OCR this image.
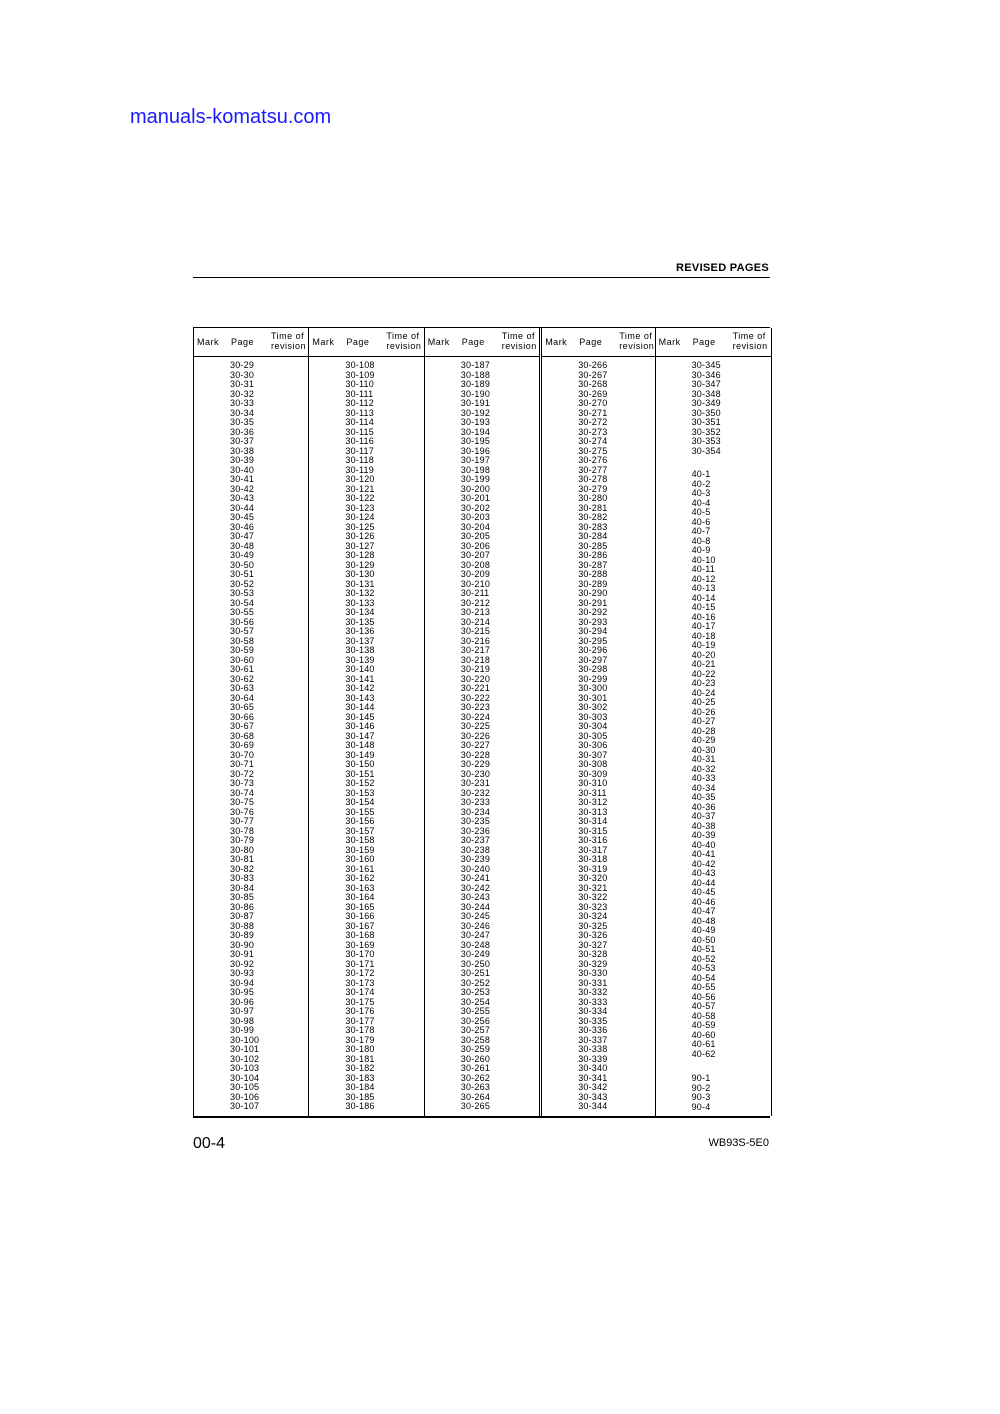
manuals-komatsu.com
REVISED PAGES
Mark Page
Time of
revision
30-29
30-30
30-31
30-32
30-33
30-34
30-35
30-36
30-37
30-38
30-39
30-40
30-41
30-42
30-43
30-44
30-45
30-46
30-47
30-48
30-49
30-50
30-51
30-52
30-53
30-54
30-55
30-56
30-57
30-58
30-59
30-60
30-61
30-62
30-63
30-64
30-65
30-66
30-67
30-68
30-69
30-70
30-71
30-72
30-73
30-74
30-75
30-76
30-77
30-78
30-79
30-80
30-81
30-82
30-83
30-84
30-85
30-86
30-87
30-88
30-89
30-90
30-91
30-92
30-93
30-94
30-95
30-96
30-97
30-98
30-99
30-100
30-101
30-102
30-103
30-104
30-105
30-106
30-107
Mark Page
Time of
revision
30-108
30-109
30-110
30-111
30-112
30-113
30-114
30-115
30-116
30-117
30-118
30-119
30-120
30-121
30-122
30-123
30-124
30-125
30-126
30-127
30-128
30-129
30-130
30-131
30-132
30-133
30-134
30-135
30-136
30-137
30-138
30-139
30-140
30-141
30-142
30-143
30-144
30-145
30-146
30-147
30-148
30-149
30-150
30-151
30-152
30-153
30-154
30-155
30-156
30-157
30-158
30-159
30-160
30-161
30-162
30-163
30-164
30-165
30-166
30-167
30-168
30-169
30-170
30-171
30-172
30-173
30-174
30-175
30-176
30-177
30-178
30-179
30-180
30-181
30-182
30-183
30-184
30-185
30-186
Mark Page
Time of
revision
30-187
30-188
30-189
30-190
30-191
30-192
30-193
30-194
30-195
30-196
30-197
30-198
30-199
30-200
30-201
30-202
30-203
30-204
30-205
30-206
30-207
30-208
30-209
30-210
30-211
30-212
30-213
30-214
30-215
30-216
30-217
30-218
30-219
30-220
30-221
30-222
30-223
30-224
30-225
30-226
30-227
30-228
30-229
30-230
30-231
30-232
30-233
30-234
30-235
30-236
30-237
30-238
30-239
30-240
30-241
30-242
30-243
30-244
30-245
30-246
30-247
30-248
30-249
30-250
30-251
30-252
30-253
30-254
30-255
30-256
30-257
30-258
30-259
30-260
30-261
30-262
30-263
30-264
30-265
Mark Page
Time of
revision
30-266
30-267
30-268
30-269
30-270
30-271
30-272
30-273
30-274
30-275
30-276
30-277
30-278
30-279
30-280
30-281
30-282
30-283
30-284
30-285
30-286
30-287
30-288
30-289
30-290
30-291
30-292
30-293
30-294
30-295
30-296
30-297
30-298
30-299
30-300
30-301
30-302
30-303
30-304
30-305
30-306
30-307
30-308
30-309
30-310
30-311
30-312
30-313
30-314
30-315
30-316
30-317
30-318
30-319
30-320
30-321
30-322
30-323
30-324
30-325
30-326
30-327
30-328
30-329
30-330
30-331
30-332
30-333
30-334
30-335
30-336
30-337
30-338
30-339
30-340
30-341
30-342
30-343
30-344
Mark Page
Time of
revision
30-345
30-346
30-347
30-348
30-349
30-350
30-351
30-352
30-353
30-354
40-1
40-2
40-3
40-4
40-5
40-6
40-7
40-8
40-9
40-10
40-11
40-12
40-13
40-14
40-15
40-16
40-17
40-18
40-19
40-20
40-21
40-22
40-23
40-24
40-25
40-26
40-27
40-28
40-29
40-30
40-31
40-32
40-33
40-34
40-35
40-36
40-37
40-38
40-39
40-40
40-41
40-42
40-43
40-44
40-45
40-46
40-47
40-48
40-49
40-50
40-51
40-52
40-53
40-54
40-55
40-56
40-57
40-58
40-59
40-60
40-61
40-62
90-1
90-2
90-3
90-4
00-4	WB93S-5E0
